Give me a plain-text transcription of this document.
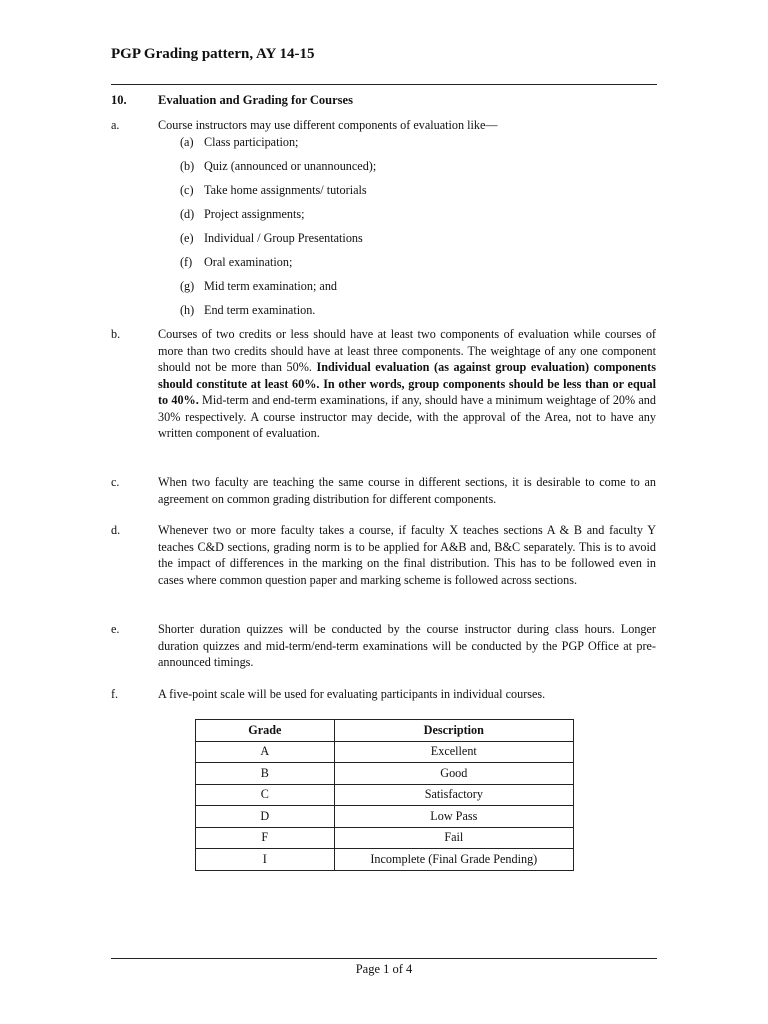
PGP Grading pattern, AY 14-15
10.	Evaluation and Grading for Courses
a.	Course instructors may use different components of evaluation like—
(a) Class participation;
(b) Quiz (announced or unannounced);
(c) Take home assignments/ tutorials
(d) Project assignments;
(e) Individual / Group Presentations
(f) Oral examination;
(g) Mid term examination; and
(h) End term examination.
b.	Courses of two credits or less should have at least two components of evaluation while courses of more than two credits should have at least three components. The weightage of any one component should not be more than 50%. Individual evaluation (as against group evaluation) components should constitute at least 60%. In other words, group components should be less than or equal to 40%. Mid-term and end-term examinations, if any, should have a minimum weightage of 20% and 30% respectively. A course instructor may decide, with the approval of the Area, not to have any written component of evaluation.
c.	When two faculty are teaching the same course in different sections, it is desirable to come to an agreement on common grading distribution for different components.
d.	Whenever two or more faculty takes a course, if faculty X teaches sections A & B and faculty Y teaches C&D sections, grading norm is to be applied for A&B and, B&C separately. This is to avoid the impact of differences in the marking on the final distribution. This has to be followed even in cases where common question paper and marking scheme is followed across sections.
e.	Shorter duration quizzes will be conducted by the course instructor during class hours. Longer duration quizzes and mid-term/end-term examinations will be conducted by the PGP Office at pre-announced timings.
f.	A five-point scale will be used for evaluating participants in individual courses.
Grade	Description
A	Excellent
B	Good
C	Satisfactory
D	Low Pass
F	Fail
I	Incomplete (Final Grade Pending)
Page 1 of 4
